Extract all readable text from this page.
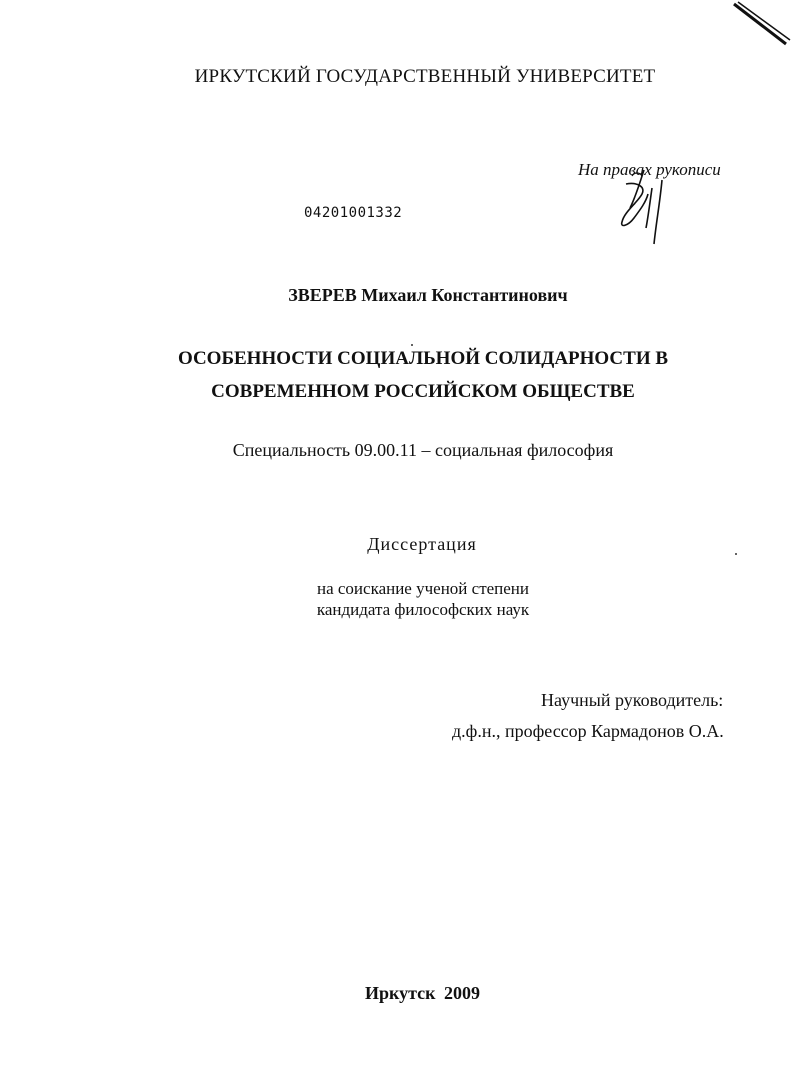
ИРКУТСКИЙ ГОСУДАРСТВЕННЫЙ УНИВЕРСИТЕТ
На правах рукописи
04201001332
ЗВЕРЕВ Михаил Константинович
ОСОБЕННОСТИ СОЦИАЛЬНОЙ СОЛИДАРНОСТИ В
СОВРЕМЕННОМ РОССИЙСКОМ ОБЩЕСТВЕ
Специальность 09.00.11 – социальная философия
Диссертация
на соискание ученой степени
кандидата философских наук
Научный руководитель:
д.ф.н., профессор Кармадонов О.А.
Иркутск 2009
